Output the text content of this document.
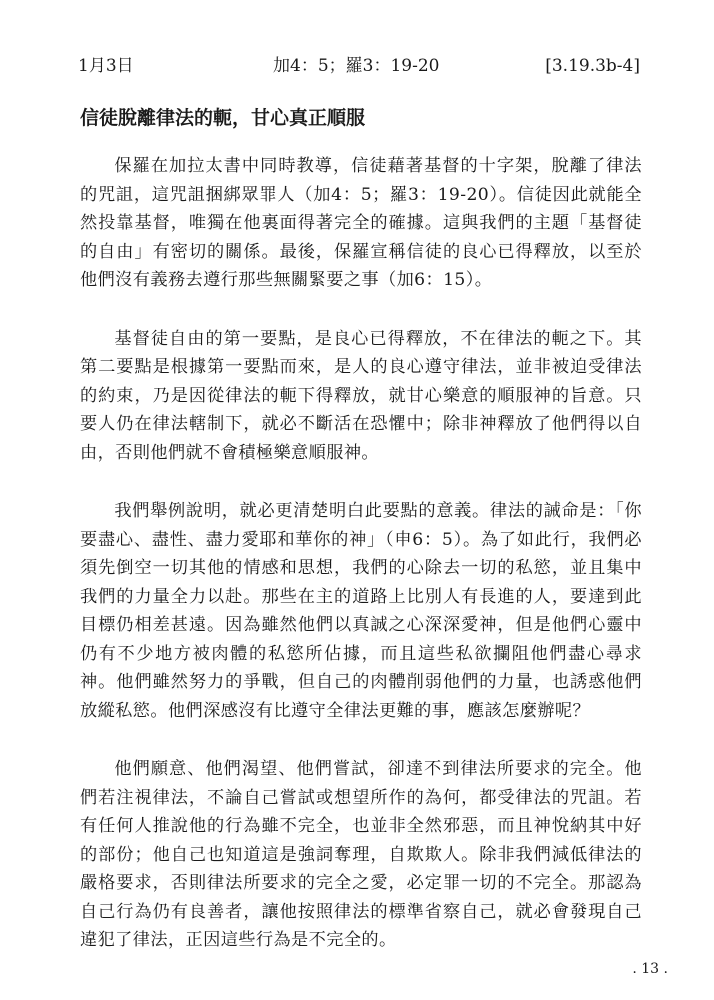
1月3日	加4：5；羅3：19-20	[3.19.3b-4]
信徒脫離律法的軛，甘心真正順服

保羅在加拉太書中同時教導，信徒藉著基督的十字架，脫離了律法的咒詛，這咒詛捆綁眾罪人（加4：5；羅3：19-20）。信徒因此就能全然投靠基督，唯獨在他裏面得著完全的確據。這與我們的主題「基督徒的自由」有密切的關係。最後，保羅宣稱信徒的良心已得釋放，以至於他們沒有義務去遵行那些無關緊要之事（加6：15）。

基督徒自由的第一要點，是良心已得釋放，不在律法的軛之下。其第二要點是根據第一要點而來，是人的良心遵守律法，並非被迫受律法的約束，乃是因從律法的軛下得釋放，就甘心樂意的順服神的旨意。只要人仍在律法轄制下，就必不斷活在恐懼中；除非神釋放了他們得以自由，否則他們就不會積極樂意順服神。

我們舉例說明，就必更清楚明白此要點的意義。律法的誡命是：「你要盡心、盡性、盡力愛耶和華你的神」（申6：5）。為了如此行，我們必須先倒空一切其他的情感和思想，我們的心除去一切的私慾，並且集中我們的力量全力以赴。那些在主的道路上比別人有長進的人，要達到此目標仍相差甚遠。因為雖然他們以真誠之心深深愛神，但是他們心靈中仍有不少地方被肉體的私慾所佔據，而且這些私欲攔阻他們盡心尋求神。他們雖然努力的爭戰，但自己的肉體削弱他們的力量，也誘惑他們放縱私慾。他們深感沒有比遵守全律法更難的事，應該怎麼辦呢？

他們願意、他們渴望、他們嘗試，卻達不到律法所要求的完全。他們若注視律法，不論自己嘗試或想望所作的為何，都受律法的咒詛。若有任何人推說他的行為雖不完全，也並非全然邪惡，而且神悅納其中好的部份；他自己也知道這是強詞奪理，自欺欺人。除非我們減低律法的嚴格要求，否則律法所要求的完全之愛，必定罪一切的不完全。那認為自己行為仍有良善者，讓他按照律法的標準省察自己，就必會發現自己違犯了律法，正因這些行為是不完全的。

. 13 .
